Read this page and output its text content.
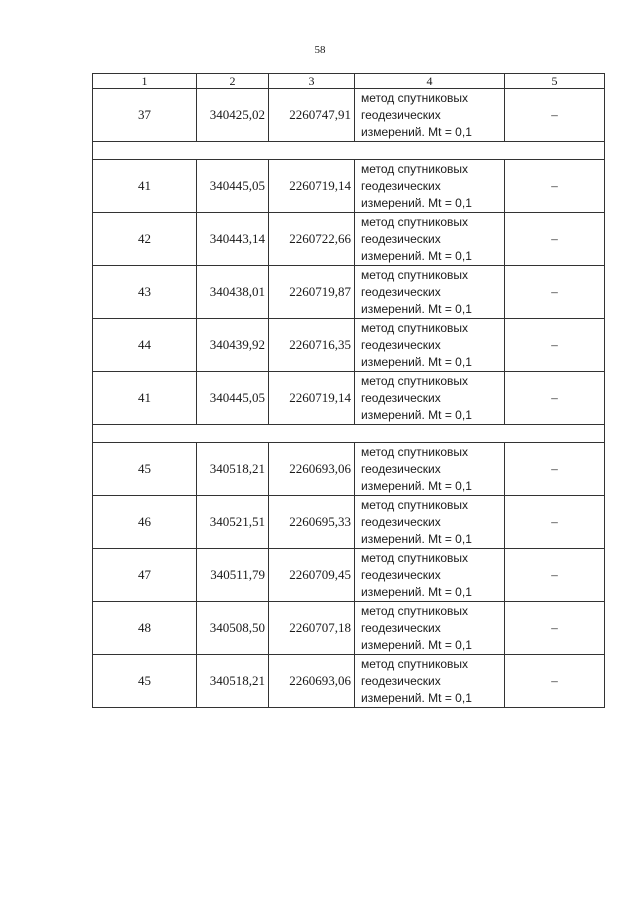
58
1	2	3	4	5
37	340425,02	2260747,91	метод спутниковых
геодезических
измерений. Mt = 0,1	–

41	340445,05	2260719,14	метод спутниковых
геодезических
измерений. Mt = 0,1	–
42	340443,14	2260722,66	метод спутниковых
геодезических
измерений. Mt = 0,1	–
43	340438,01	2260719,87	метод спутниковых
геодезических
измерений. Mt = 0,1	–
44	340439,92	2260716,35	метод спутниковых
геодезических
измерений. Mt = 0,1	–
41	340445,05	2260719,14	метод спутниковых
геодезических
измерений. Mt = 0,1	–

45	340518,21	2260693,06	метод спутниковых
геодезических
измерений. Mt = 0,1	–
46	340521,51	2260695,33	метод спутниковых
геодезических
измерений. Mt = 0,1	–
47	340511,79	2260709,45	метод спутниковых
геодезических
измерений. Mt = 0,1	–
48	340508,50	2260707,18	метод спутниковых
геодезических
измерений. Mt = 0,1	–
45	340518,21	2260693,06	метод спутниковых
геодезических
измерений. Mt = 0,1	–
